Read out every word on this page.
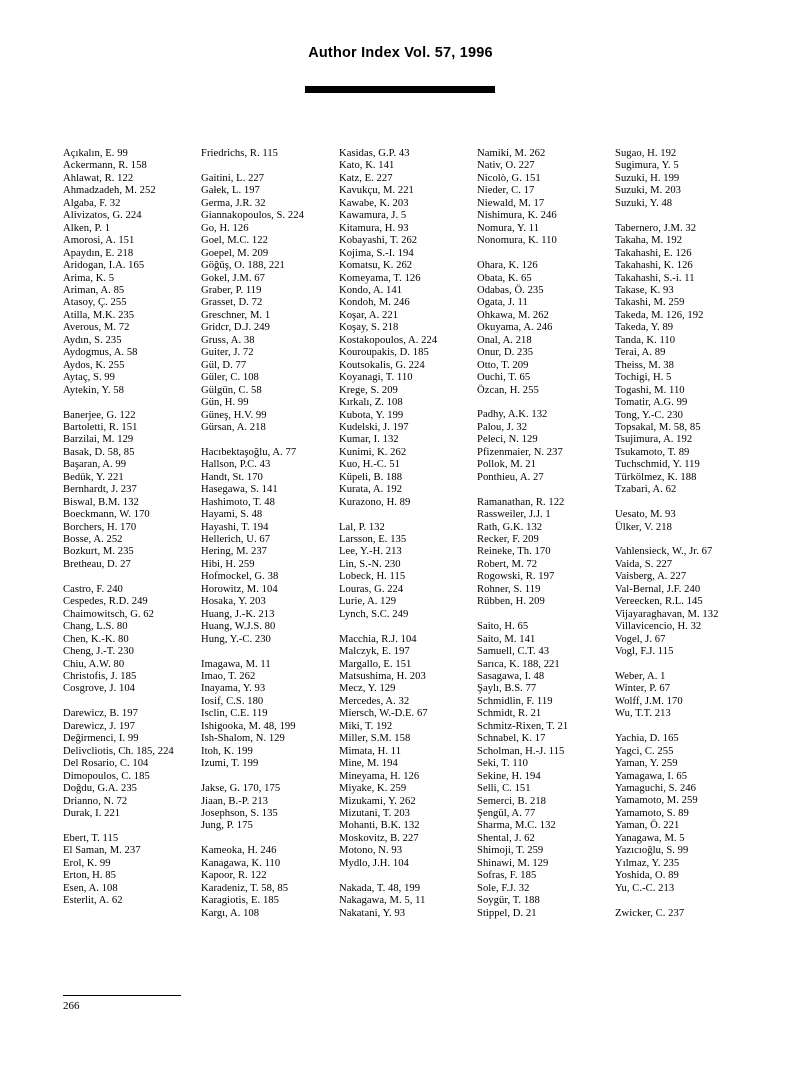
Author Index Vol. 57, 1996
Açıkalın, E. 99
Ackermann, R. 158
Ahlawat, R. 122
Ahmadzadeh, M. 252
Algaba, F. 32
Alivizatos, G. 224
Alken, P. 1
Amorosi, A. 151
Apaydın, E. 218
Aridogan, I.A. 165
Arima, K. 5
Ariman, A. 85
Atasoy, Ç. 255
Atilla, M.K. 235
Averous, M. 72
Aydın, S. 235
Aydogmus, A. 58
Aydos, K. 255
Aytaç, S. 99
Aytekin, Y. 58
Banerjee, G. 122
Bartoletti, R. 151
Barzilai, M. 129
Basak, D. 58, 85
Başaran, A. 99
Bedük, Y. 221
Bernhardt, J. 237
Biswal, B.M. 132
Boeckmann, W. 170
Borchers, H. 170
Bosse, A. 252
Bozkurt, M. 235
Bretheau, D. 27
Castro, F. 240
Cespedes, R.D. 249
Chaimowitsch, G. 62
Chang, L.S. 80
Chen, K.-K. 80
Cheng, J.-T. 230
Chiu, A.W. 80
Christofis, J. 185
Cosgrove, J. 104
Darewicz, B. 197
Darewicz, J. 197
Değirmenci, I. 99
Delivcliotis, Ch. 185, 224
Del Rosario, C. 104
Dimopoulos, C. 185
Doğdu, G.A. 235
Drianno, N. 72
Durak, I. 221
Ebert, T. 115
El Saman, M. 237
Erol, K. 99
Erton, H. 85
Esen, A. 108
Esterlit, A. 62
Friedrichs, R. 115
Gaitini, L. 227
Gałek, L. 197
Germa, J.R. 32
Giannakopoulos, S. 224
Go, H. 126
Goel, M.C. 122
Goepel, M. 209
Göğüş, O. 188, 221
Gokel, J.M. 67
Graber, P. 119
Grasset, D. 72
Greschner, M. 1
Gridcr, D.J. 249
Gruss, A. 38
Guiter, J. 72
Gül, D. 77
Güler, C. 108
Gülgün, C. 58
Gün, H. 99
Güneş, H.V. 99
Gürsan, A. 218
Hacıbektaşoğlu, A. 77
Hallson, P.C. 43
Handt, St. 170
Hasegawa, S. 141
Hashimoto, T. 48
Hayami, S. 48
Hayashi, T. 194
Hellerich, U. 67
Hering, M. 237
Hibi, H. 259
Hofmockel, G. 38
Horowitz, M. 104
Hosaka, Y. 203
Huang, J.-K. 213
Huang, W.J.S. 80
Hung, Y.-C. 230
Imagawa, M. 11
Imao, T. 262
Inayama, Y. 93
Iosif, C.S. 180
Isclin, C.E. 119
Ishigooka, M. 48, 199
Ish-Shalom, N. 129
Itoh, K. 199
Izumi, T. 199
Jakse, G. 170, 175
Jiaan, B.-P. 213
Josephson, S. 135
Jung, P. 175
Kameoka, H. 246
Kanagawa, K. 110
Kapoor, R. 122
Karadeniz, T. 58, 85
Karagiotis, E. 185
Kargı, A. 108
Kasidas, G.P. 43
Kato, K. 141
Katz, E. 227
Kavukçu, M. 221
Kawabe, K. 203
Kawamura, J. 5
Kitamura, H. 93
Kobayashi, T. 262
Kojima, S.-I. 194
Komatsu, K. 262
Komeyama, T. 126
Kondo, A. 141
Kondoh, M. 246
Koşar, A. 221
Koşay, S. 218
Kostakopoulos, A. 224
Kouroupakis, D. 185
Koutsokalis, G. 224
Koyanagi, T. 110
Krege, S. 209
Kırkalı, Z. 108
Kubota, Y. 199
Kudelski, J. 197
Kumar, I. 132
Kunimi, K. 262
Kuo, H.-C. 51
Küpeli, B. 188
Kurata, A. 192
Kurazono, H. 89
Lal, P. 132
Larsson, E. 135
Lee, Y.-H. 213
Lin, S.-N. 230
Lobeck, H. 115
Louras, G. 224
Lurie, A. 129
Lynch, S.C. 249
Macchia, R.J. 104
Malczyk, E. 197
Margallo, E. 151
Matsushima, H. 203
Mecz, Y. 129
Mercedes, A. 32
Miersch, W.-D.E. 67
Miki, T. 192
Miller, S.M. 158
Mimata, H. 11
Mine, M. 194
Mineyama, H. 126
Miyake, K. 259
Mizukami, Y. 262
Mizutani, T. 203
Mohanti, B.K. 132
Moskovitz, B. 227
Motono, N. 93
Mydlo, J.H. 104
Nakada, T. 48, 199
Nakagawa, M. 5, 11
Nakatani, Y. 93
Namiki, M. 262
Nativ, O. 227
Nicolò, G. 151
Nieder, C. 17
Niewald, M. 17
Nishimura, K. 246
Nomura, Y. 11
Nonomura, K. 110
Ohara, K. 126
Obata, K. 65
Odabas, Ö. 235
Ogata, J. 11
Ohkawa, M. 262
Okuyama, A. 246
Onal, A. 218
Onur, D. 235
Otto, T. 209
Ouchi, T. 65
Özcan, H. 255
Padhy, A.K. 132
Palou, J. 32
Peleci, N. 129
Pfizenmaier, N. 237
Pollok, M. 21
Ponthieu, A. 27
Ramanathan, R. 122
Rassweiler, J.J. 1
Rath, G.K. 132
Recker, F. 209
Reineke, Th. 170
Robert, M. 72
Rogowski, R. 197
Rohner, S. 119
Rübben, H. 209
Saito, H. 65
Saito, M. 141
Samuell, C.T. 43
Sarıca, K. 188, 221
Sasagawa, I. 48
Şaylı, B.S. 77
Schmidlin, F. 119
Schmidt, R. 21
Schmitz-Rixen, T. 21
Schnabel, K. 17
Scholman, H.-J. 115
Seki, T. 110
Sekine, H. 194
Selli, C. 151
Semerci, B. 218
Şengül, A. 77
Sharma, M.C. 132
Shental, J. 62
Shimoji, T. 259
Shinawi, M. 129
Sofras, F. 185
Sole, F.J. 32
Soygür, T. 188
Stippel, D. 21
Sugao, H. 192
Sugimura, Y. 5
Suzuki, H. 199
Suzuki, M. 203
Suzuki, Y. 48
Tabernero, J.M. 32
Takaha, M. 192
Takahashi, E. 126
Takahashi, K. 126
Takahashi, S.-i. 11
Takase, K. 93
Takashi, M. 259
Takeda, M. 126, 192
Takeda, Y. 89
Tanda, K. 110
Terai, A. 89
Theiss, M. 38
Tochigi, H. 5
Togashi, M. 110
Tomatir, A.G. 99
Tong, Y.-C. 230
Topsakal, M. 58, 85
Tsujimura, A. 192
Tsukamoto, T. 89
Tuchschmid, Y. 119
Türkölmez, K. 188
Tzabari, A. 62
Uesato, M. 93
Ülker, V. 218
Vahlensieck, W., Jr. 67
Vaida, S. 227
Vaisberg, A. 227
Val-Bernal, J.F. 240
Vereecken, R.L. 145
Vijayaraghavan, M. 132
Villavicencio, H. 32
Vogel, J. 67
Vogl, F.J. 115
Weber, A. 1
Winter, P. 67
Wolff, J.M. 170
Wu, T.T. 213
Yachia, D. 165
Yagci, C. 255
Yaman, Y. 259
Yamagawa, I. 65
Yamaguchi, S. 246
Yamamoto, M. 259
Yamamoto, S. 89
Yaman, Ö. 221
Yanagawa, M. 5
Yazıcıoğlu, S. 99
Yılmaz, Y. 235
Yoshida, O. 89
Yu, C.-C. 213
Zwicker, C. 237
266
